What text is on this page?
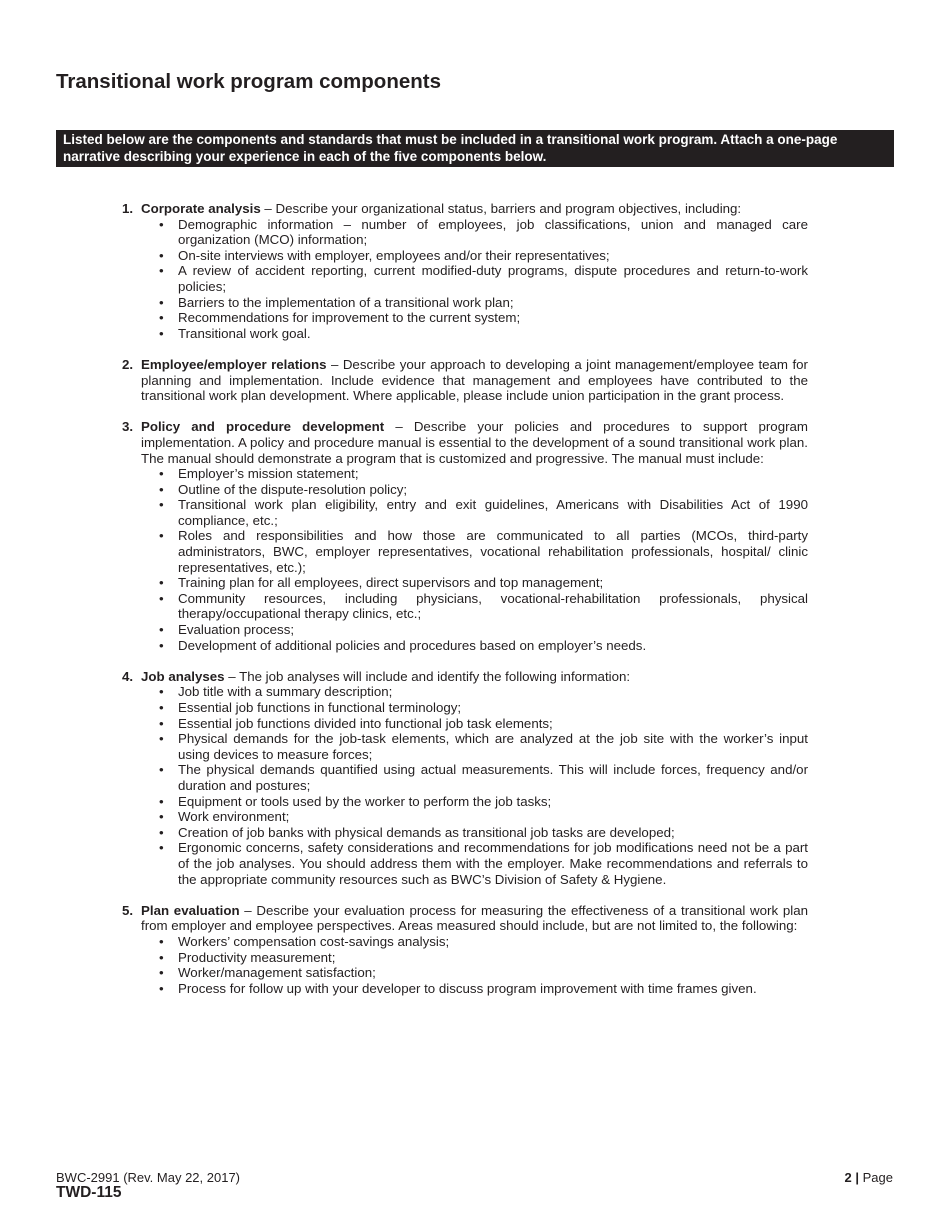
Transitional work program components
Listed below are the components and standards that must be included in a transitional work program. Attach a one-page narrative describing your experience in each of the five components below.
1. Corporate analysis – Describe your organizational status, barriers and program objectives, including:
• Demographic information – number of employees, job classifications, union and managed care organization (MCO) information;
• On-site interviews with employer, employees and/or their representatives;
• A review of accident reporting, current modified-duty programs, dispute procedures and return-to-work policies;
• Barriers to the implementation of a transitional work plan;
• Recommendations for improvement to the current system;
• Transitional work goal.
2. Employee/employer relations – Describe your approach to developing a joint management/employee team for planning and implementation. Include evidence that management and employees have contributed to the transitional work plan development. Where applicable, please include union participation in the grant process.
3. Policy and procedure development – Describe your policies and procedures to support program implementation. A policy and procedure manual is essential to the development of a sound transitional work plan. The manual should demonstrate a program that is customized and progressive. The manual must include:
• Employer’s mission statement;
• Outline of the dispute-resolution policy;
• Transitional work plan eligibility, entry and exit guidelines, Americans with Disabilities Act of 1990 compliance, etc.;
• Roles and responsibilities and how those are communicated to all parties (MCOs, third-party administrators, BWC, employer representatives, vocational rehabilitation professionals, hospital/ clinic representatives, etc.);
• Training plan for all employees, direct supervisors and top management;
• Community resources, including physicians, vocational-rehabilitation professionals, physical therapy/occupational therapy clinics, etc.;
• Evaluation process;
• Development of additional policies and procedures based on employer’s needs.
4. Job analyses – The job analyses will include and identify the following information:
• Job title with a summary description;
• Essential job functions in functional terminology;
• Essential job functions divided into functional job task elements;
• Physical demands for the job-task elements, which are analyzed at the job site with the worker’s input using devices to measure forces;
• The physical demands quantified using actual measurements. This will include forces, frequency and/or duration and postures;
• Equipment or tools used by the worker to perform the job tasks;
• Work environment;
• Creation of job banks with physical demands as transitional job tasks are developed;
• Ergonomic concerns, safety considerations and recommendations for job modifications need not be a part of the job analyses. You should address them with the employer. Make recommendations and referrals to the appropriate community resources such as BWC’s Division of Safety & Hygiene.
5. Plan evaluation – Describe your evaluation process for measuring the effectiveness of a transitional work plan from employer and employee perspectives. Areas measured should include, but are not limited to, the following:
• Workers’ compensation cost-savings analysis;
• Productivity measurement;
• Worker/management satisfaction;
• Process for follow up with your developer to discuss program improvement with time frames given.
BWC-2991 (Rev. May 22, 2017)
TWD-115
2 | Page
